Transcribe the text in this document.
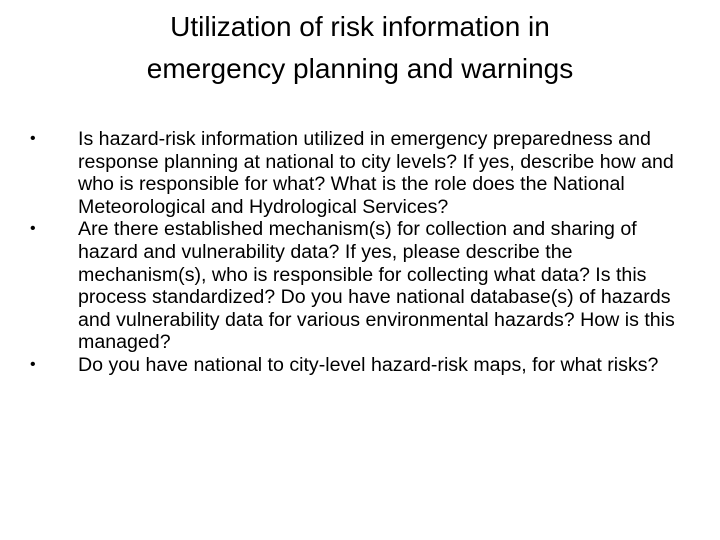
Utilization of risk information in
emergency planning and warnings
•	Is hazard-risk information utilized in emergency preparedness and response planning at national to city levels? If yes, describe how and who is responsible for what? What is the role does the National Meteorological and Hydrological Services?
•	Are there established mechanism(s) for collection and sharing of hazard and vulnerability data? If yes, please describe the mechanism(s), who is responsible for collecting what data? Is this process standardized? Do you have national database(s) of hazards and vulnerability data for various environmental hazards? How is this managed?
•	Do you have national to city-level hazard-risk maps, for what risks?
